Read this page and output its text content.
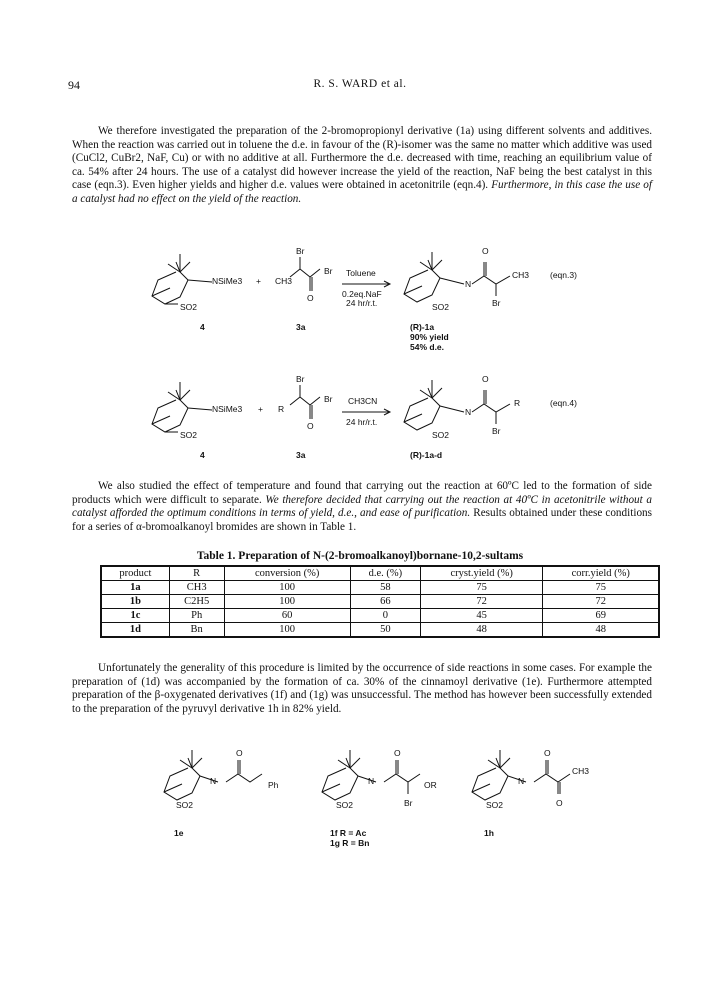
94	R. S. WARD et al.
We therefore investigated the preparation of the 2-bromopropionyl derivative (1a) using different solvents and additives. When the reaction was carried out in toluene the d.e. in favour of the (R)-isomer was the same no matter which additive was used (CuCl2, CuBr2, NaF, Cu) or with no additive at all. Furthermore the d.e. decreased with time, reaching an equilibrium value of ca. 54% after 24 hours. The use of a catalyst did however increase the yield of the reaction, NaF being the best catalyst in this case (eqn.3). Even higher yields and higher d.e. values were obtained in acetonitrile (eqn.4). Furthermore, in this case the use of a catalyst had no effect on the yield of the reaction.
NSiMe3
SO2
+ CH3
Br
Br
O
Toluene
0.2eq.NaF
24 hr/r.t.
N
O
CH3
Br
SO2
(eqn.3)
4	3a	(R)-1a
90% yield
54% d.e.
NSiMe3
SO2
+ R
Br
Br
O
CH3CN
24 hr/r.t.
N
O
R
Br
SO2
(eqn.4)
4	3a	(R)-1a-d
We also studied the effect of temperature and found that carrying out the reaction at 60ºC led to the formation of side products which were difficult to separate. We therefore decided that carrying out the reaction at 40ºC in acetonitrile without a catalyst afforded the optimum conditions in terms of yield, d.e., and ease of purification. Results obtained under these conditions for a series of α-bromoalkanoyl bromides are shown in Table 1.
Table 1. Preparation of N-(2-bromoalkanoyl)bornane-10,2-sultams
product	R	conversion (%)	d.e. (%)	cryst.yield (%)	corr.yield (%)
1a	CH3	100	58	75	75
1b	C2H5	100	66	72	72
1c	Ph	60	0	45	69
1d	Bn	100	50	48	48
Unfortunately the generality of this procedure is limited by the occurrence of side reactions in some cases. For example the preparation of (1d) was accompanied by the formation of ca. 30% of the cinnamoyl derivative (1e). Furthermore attempted preparation of the β-oxygenated derivatives (1f) and (1g) was unsuccessful. The method has however been successfully extended to the preparation of the pyruvyl derivative 1h in 82% yield.
N
O
Ph
SO2
1e
N
O
OR
Br
SO2
1f R = Ac
1g R = Bn
N
O
CH3
O
SO2
1h
